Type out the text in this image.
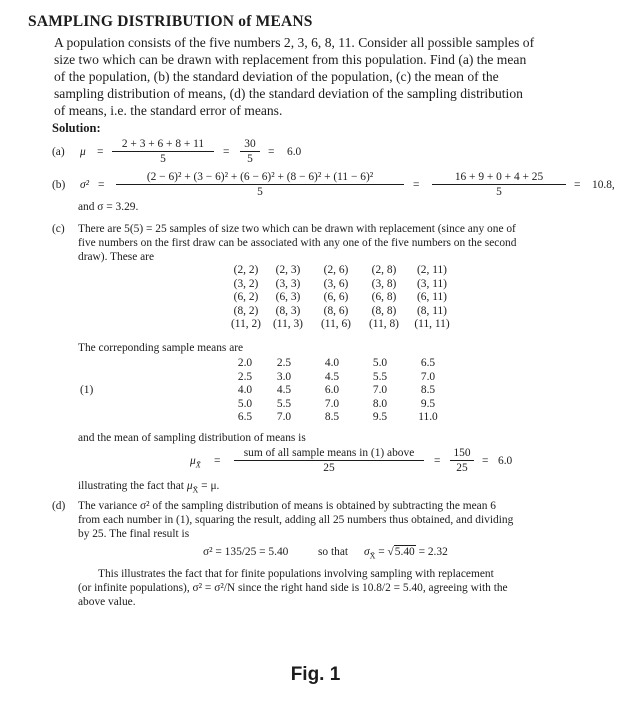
SAMPLING DISTRIBUTION of MEANS
A population consists of the five numbers 2, 3, 6, 8, 11. Consider all possible samples of
size two which can be drawn with replacement from this population. Find (a) the mean
of the population, (b) the standard deviation of the population, (c) the mean of the
sampling distribution of means, (d) the standard deviation of the sampling distribution
of means, i.e. the standard error of means.
Solution:
(a) $\mu = \frac{2 + 3 + 6 + 8 + 11}{5} = \frac{30}{5} = 6.0$
(b) $\sigma^2 = \frac{\text{(2 − 6)² + (3 − 6)² + (6 − 6)² + (8 − 6)² + (11 − 6)²}}{5} = \frac{16 + 9 + 0 + 4 + 25}{5} = 10.8$,
and σ = 3.29.
(c) There are 5(5) = 25 samples of size two which can be drawn with replacement (since any one of
five numbers on the first draw can be associated with any one of the five numbers on the second
draw). These are
(2, 2)	(2, 3)	(2, 6)	(2, 8)	(2, 11)
(3, 2)	(3, 3)	(3, 6)	(3, 8)	(3, 11)
(6, 2)	(6, 3)	(6, 6)	(6, 8)	(6, 11)
(8, 2)	(8, 3)	(8, 6)	(8, 8)	(8, 11)
(11, 2)	(11, 3)	(11, 6)	(11, 8)	(11, 11)
The correponding sample means are
(1)
2.0	2.5	4.0	5.0	6.5
2.5	3.0	4.5	5.5	7.0
4.0	4.5	6.0	7.0	8.5
5.0	5.5	7.0	8.0	9.5
6.5	7.0	8.5	9.5	11.0
and the mean of sampling distribution of means is
$\mu_{X̄}$ =
sum of all sample means in (1) above
25
= $\frac{150}{25} = 6.0$
illustrating the fact that $\mu_{X̄} = \mu$.
(d) The variance σ² of the sampling distribution of means is obtained by subtracting the mean 6
from each number in (1), squaring the result, adding all 25 numbers thus obtained, and dividing
by 25. The final result is
σ² = 135/25 = 5.40	so that $\sigma_{X̄} = √5.40 = 2.32$
This illustrates the fact that for finite populations involving sampling with replacement
(or infinite populations), σ² = σ²/N since the right hand side is 10.8/2 = 5.40, agreeing with the
above value.
Fig. 1
